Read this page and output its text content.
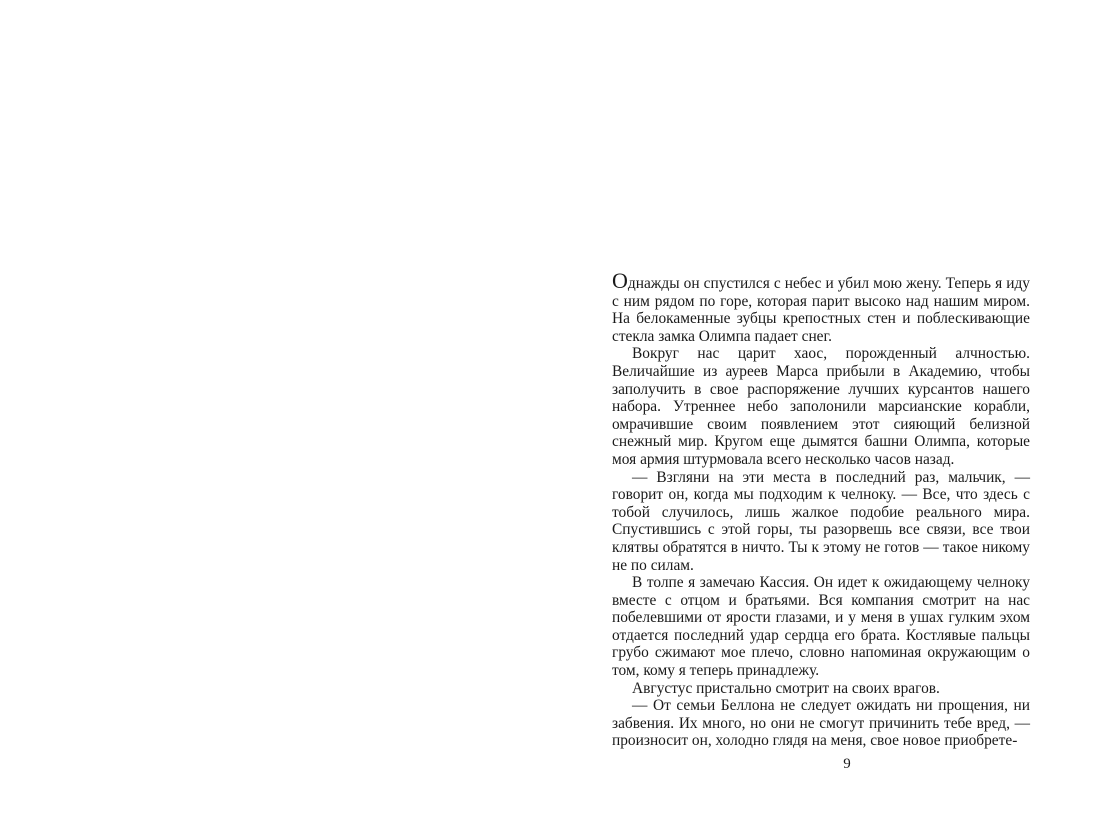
Однажды он спустился с небес и убил мою жену. Теперь я иду с ним рядом по горе, которая парит высоко над нашим миром. На белокаменные зубцы крепостных стен и поблескивающие стекла замка Олимпа падает снег.

Вокруг нас царит хаос, порожденный алчностью. Величайшие из ауреев Марса прибыли в Академию, чтобы заполучить в свое распоряжение лучших курсантов нашего набора. Утреннее небо заполонили марсианские корабли, омрачившие своим появлением этот сияющий белизной снежный мир. Кругом еще дымятся башни Олимпа, которые моя армия штурмовала всего несколько часов назад.

— Взгляни на эти места в последний раз, мальчик, — говорит он, когда мы подходим к челноку. — Все, что здесь с тобой случилось, лишь жалкое подобие реального мира. Спустившись с этой горы, ты разорвешь все связи, все твои клятвы обратятся в ничто. Ты к этому не готов — такое никому не по силам.

В толпе я замечаю Кассия. Он идет к ожидающему челноку вместе с отцом и братьями. Вся компания смотрит на нас побелевшими от ярости глазами, и у меня в ушах гулким эхом отдается последний удар сердца его брата. Костлявые пальцы грубо сжимают мое плечо, словно напоминая окружающим о том, кому я теперь принадлежу.

Августус пристально смотрит на своих врагов.

— От семьи Беллона не следует ожидать ни прощения, ни забвения. Их много, но они не смогут причинить тебе вред, — произносит он, холодно глядя на меня, свое новое приобрете-

9
